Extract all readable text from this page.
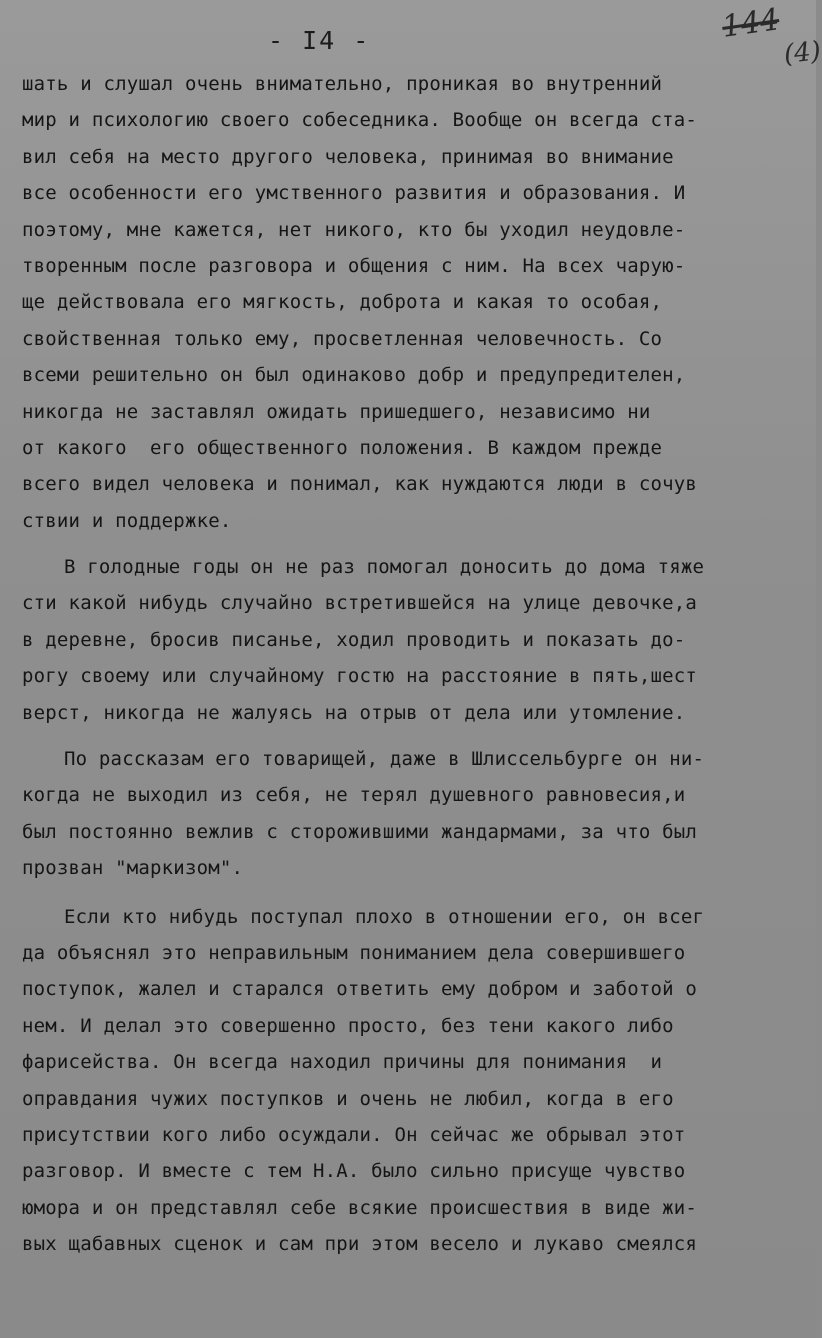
- I4 -	144
(4)
шать и слушал очень внимательно, проникая во внутренний
мир и психологию своего собеседника. Вообще он всегда ста-
вил себя на место другого человека, принимая во внимание
все особенности его умственного развития и образования. И
поэтому, мне кажется, нет никого, кто бы уходил неудовле-
творенным после разговора и общения с ним. На всех чарую-
ще действовала его мягкость, доброта и какая то особая,
свойственная только ему, просветленная человечность. Со
всеми решительно он был одинаково добр и предупредителен,
никогда не заставлял ожидать пришедшего, независимо ни
от какого  его общественного положения. В каждом прежде
всего видел человека и понимал, как нуждаются люди в сочув
ствии и поддержке.
В голодные годы он не раз помогал доносить до дома тяже
сти какой нибудь случайно встретившейся на улице девочке,а
в деревне, бросив писанье, ходил проводить и показать до-
рогу своему или случайному гостю на расстояние в пять,шест
верст, никогда не жалуясь на отрыв от дела или утомление.
По рассказам его товарищей, даже в Шлиссельбурге он ни-
когда не выходил из себя, не терял душевного равновесия,и
был постоянно вежлив с сторожившими жандармами, за что был
прозван "маркизом".
Если кто нибудь поступал плохо в отношении его, он всег
да объяснял это неправильным пониманием дела совершившего
поступок, жалел и старался ответить ему добром и заботой о
нем. И делал это совершенно просто, без тени какого либо
фарисейства. Он всегда находил причины для понимания  и
оправдания чужих поступков и очень не любил, когда в его
присутствии кого либо осуждали. Он сейчас же обрывал этот
разговор. И вместе с тем Н.А. было сильно присуще чувство
юмора и он представлял себе всякие происшествия в виде жи-
вых щабавных сценок и сам при этом весело и лукаво смеялся
